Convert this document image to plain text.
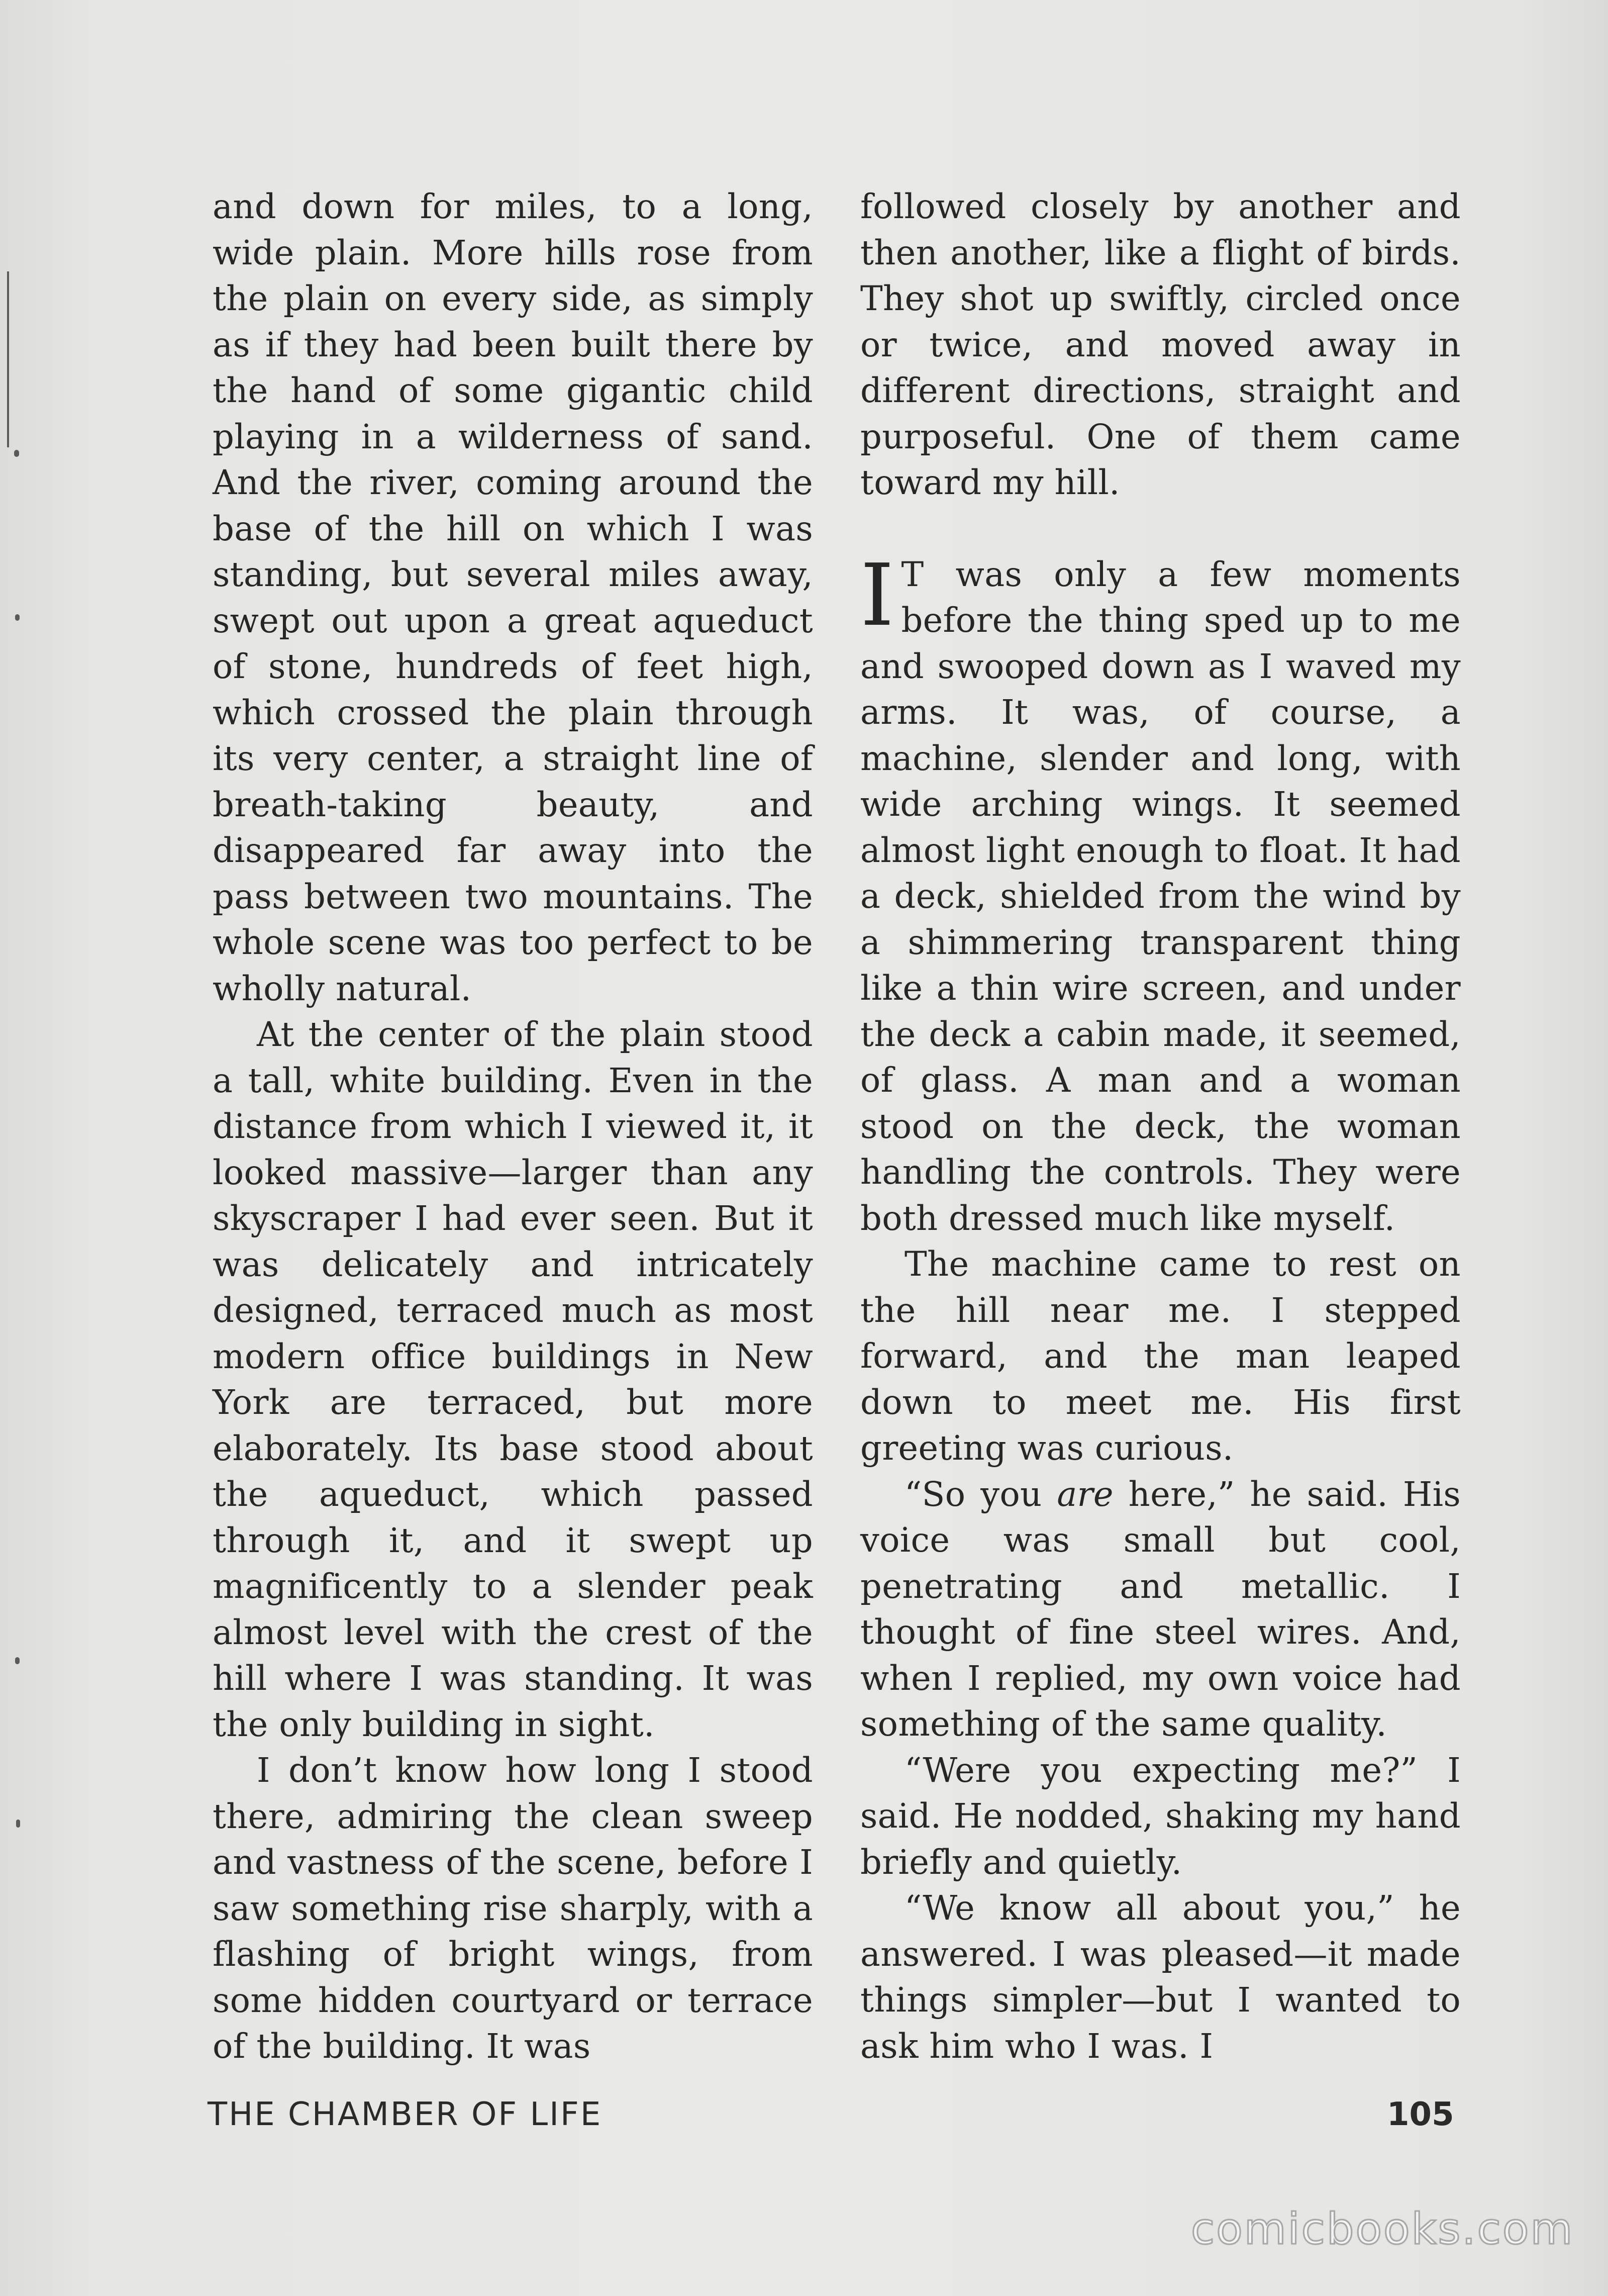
and down for miles, to a long, wide plain. More hills rose from the plain on every side, as simply as if they had been built there by the hand of some gigantic child playing in a wilderness of sand. And the river, coming around the base of the hill on which I was standing, but several miles away, swept out upon a great aqueduct of stone, hundreds of feet high, which crossed the plain through its very center, a straight line of breath-taking beauty, and disappeared far away into the pass between two mountains. The whole scene was too perfect to be wholly natural.

At the center of the plain stood a tall, white building. Even in the distance from which I viewed it, it looked massive—larger than any skyscraper I had ever seen. But it was delicately and intricately designed, terraced much as most modern office buildings in New York are terraced, but more elaborately. Its base stood about the aqueduct, which passed through it, and it swept up magnificently to a slender peak almost level with the crest of the hill where I was standing. It was the only building in sight.

I don’t know how long I stood there, admiring the clean sweep and vastness of the scene, before I saw something rise sharply, with a flashing of bright wings, from some hidden courtyard or terrace of the building. It was

followed closely by another and then another, like a flight of birds. They shot up swiftly, circled once or twice, and moved away in different directions, straight and purposeful. One of them came toward my hill.

I T was only a few moments before the thing sped up to me and swooped down as I waved my arms. It was, of course, a machine, slender and long, with wide arching wings. It seemed almost light enough to float. It had a deck, shielded from the wind by a shimmering transparent thing like a thin wire screen, and under the deck a cabin made, it seemed, of glass. A man and a woman stood on the deck, the woman handling the controls. They were both dressed much like myself.

The machine came to rest on the hill near me. I stepped forward, and the man leaped down to meet me. His first greeting was curious.

“So you are here,” he said. His voice was small but cool, penetrating and metallic. I thought of fine steel wires. And, when I replied, my own voice had something of the same quality.

“Were you expecting me?” I said. He nodded, shaking my hand briefly and quietly.

“We know all about you,” he answered. I was pleased—it made things simpler—but I wanted to ask him who I was. I

THE CHAMBER OF LIFE	105
comicbooks.com
